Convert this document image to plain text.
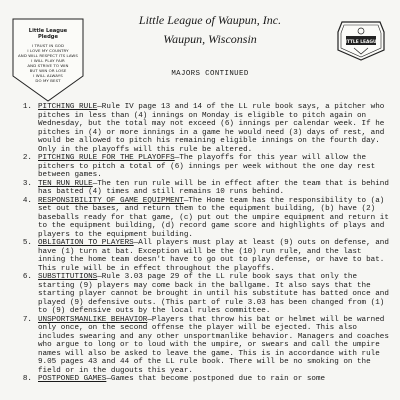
Little League
Pledge
I TRUST IN GOD
I LOVE MY COUNTRY
AND WILL RESPECT ITS LAWS
I WILL PLAY FAIR
AND STRIVE TO WIN
BUT WIN OR LOSE
I WILL ALWAYS
DO MY BEST
Little League of Waupun, Inc.
Waupun, Wisconsin	LITTLE LEAGUE
MAJORS CONTINUED
1. PITCHING RULE—Rule IV page 13 and 14 of the LL rule book says, a pitcher who pitches in less than (4) innings on Monday is eligible to pitch again on Wednesday, but the total may not exceed (6) innings per calendar week. If he pitches in (4) or more innings in a game he would need (3) days of rest, and would be allowed to pitch his remaining eligible innings on the fourth day. Only in the playoffs will this rule be altered.
2. PITCHING RULE FOR THE PLAYOFFS—The playoffs for this year will allow the pitchers to pitch a total of (6) innings per week without the one day rest between games.
3. TEN RUN RULE—The ten run rule will be in effect after the team that is behind has batted (4) times and still remains 10 runs behind.
4. RESPONSIBILITY OF GAME EQUIPMENT—The Home team has the responsibility to (a) set out the bases, and return them to the equipment building, (b) have (2) baseballs ready for that game, (c) put out the umpire equipment and return it to the equipment building, (d) record game score and highlights of plays and players to the equipment building.
5. OBLIGATION TO PLAYERS—All players must play at least (9) outs on defense, and have (1) turn at bat. Exception will be the (10) run rule, and the last inning the home team doesn't have to go out to play defense, or have to bat. This rule will be in effect throughout the playoffs.
6. SUBSTITUTIONS—Rule 3.03 page 29 of the LL rule book says that only the starting (9) players may come back in the ballgame. It also says that the starting player cannot be brought in until his substitute has batted once and played (9) defensive outs. (This part of rule 3.03 has been changed from (1) to (9) defensive outs by the local rules committee.
7. UNSPORTSMANLIKE BEHAVIOR—Players that throw his bat or helmet will be warned only once, on the second offense the player will be ejected. This also includes swearing and any other unsportmanlike behavior. Managers and coaches who argue to long or to loud with the umpire, or swears and call the umpire names will also be asked to leave the game. This is in accordance with rule 9.05 pages 43 and 44 of the LL rule book. There will be no smoking on the field or in the dugouts this year.
8. POSTPONED GAMES—Games that become postponed due to rain or some
